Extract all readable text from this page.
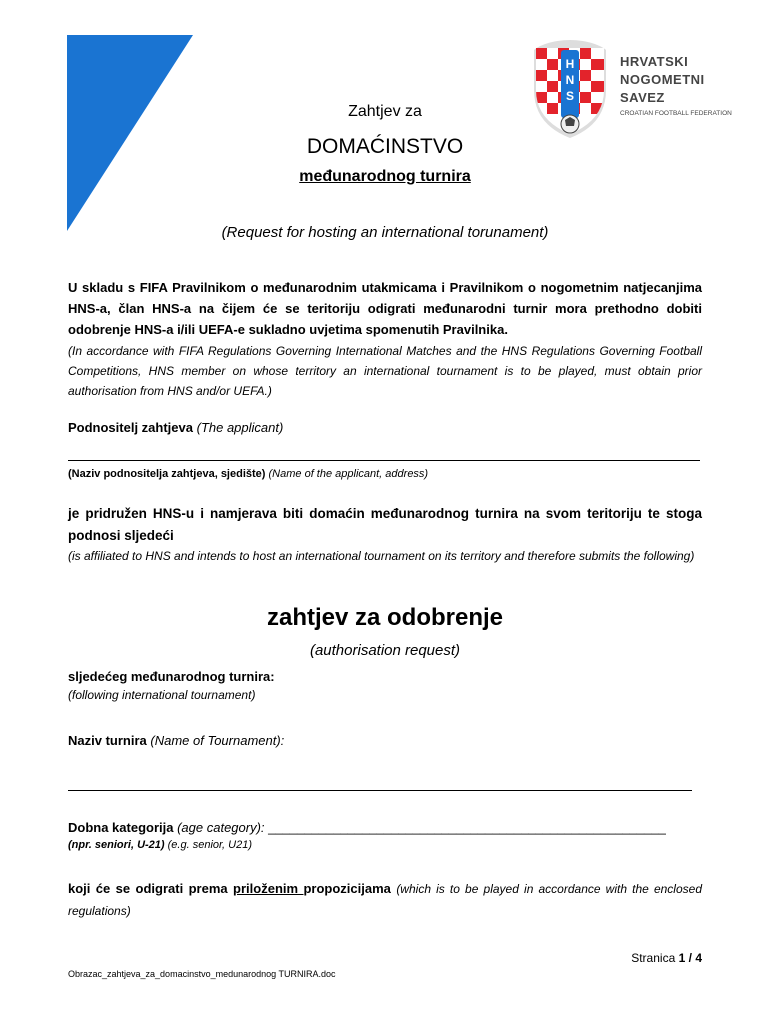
HNS
HRVATSKI
NOGOMETNI
SAVEZ
CROATIAN FOOTBALL FEDERATION
Zahtjev za
DOMAĆINSTVO
međunarodnog turnira
(Request for hosting an international torunament)
U skladu s FIFA Pravilnikom o međunarodnim utakmicama i Pravilnikom o nogometnim natjecanjima HNS-a, član HNS-a na čijem će se teritoriju odigrati međunarodni turnir mora prethodno dobiti odobrenje HNS-a i/ili UEFA-e sukladno uvjetima spomenutih Pravilnika.
(In accordance with FIFA Regulations Governing International Matches and the HNS Regulations Governing Football Competitions, HNS member on whose territory an international tournament is to be played, must obtain prior authorisation from HNS and/or UEFA.)
Podnositelj zahtjeva (The applicant)
(Naziv podnositelja zahtjeva, sjedište) (Name of the applicant, address)
je pridružen HNS-u i namjerava biti domaćin međunarodnog turnira na svom teritoriju te stoga podnosi sljedeći
(is affiliated to HNS and intends to host an international tournament on its territory and therefore submits the following)
zahtjev za odobrenje
(authorisation request)
sljedećeg međunarodnog turnira:
(following international tournament)
Naziv turnira (Name of Tournament):
Dobna kategorija (age category): _______________________________________________________
(npr. seniori, U-21) (e.g. senior, U21)
koji će se odigrati prema priloženim propozicijama (which is to be played in accordance with the enclosed regulations)
Stranica 1 / 4
Obrazac_zahtjeva_za_domacinstvo_medunarodnog TURNIRA.doc
